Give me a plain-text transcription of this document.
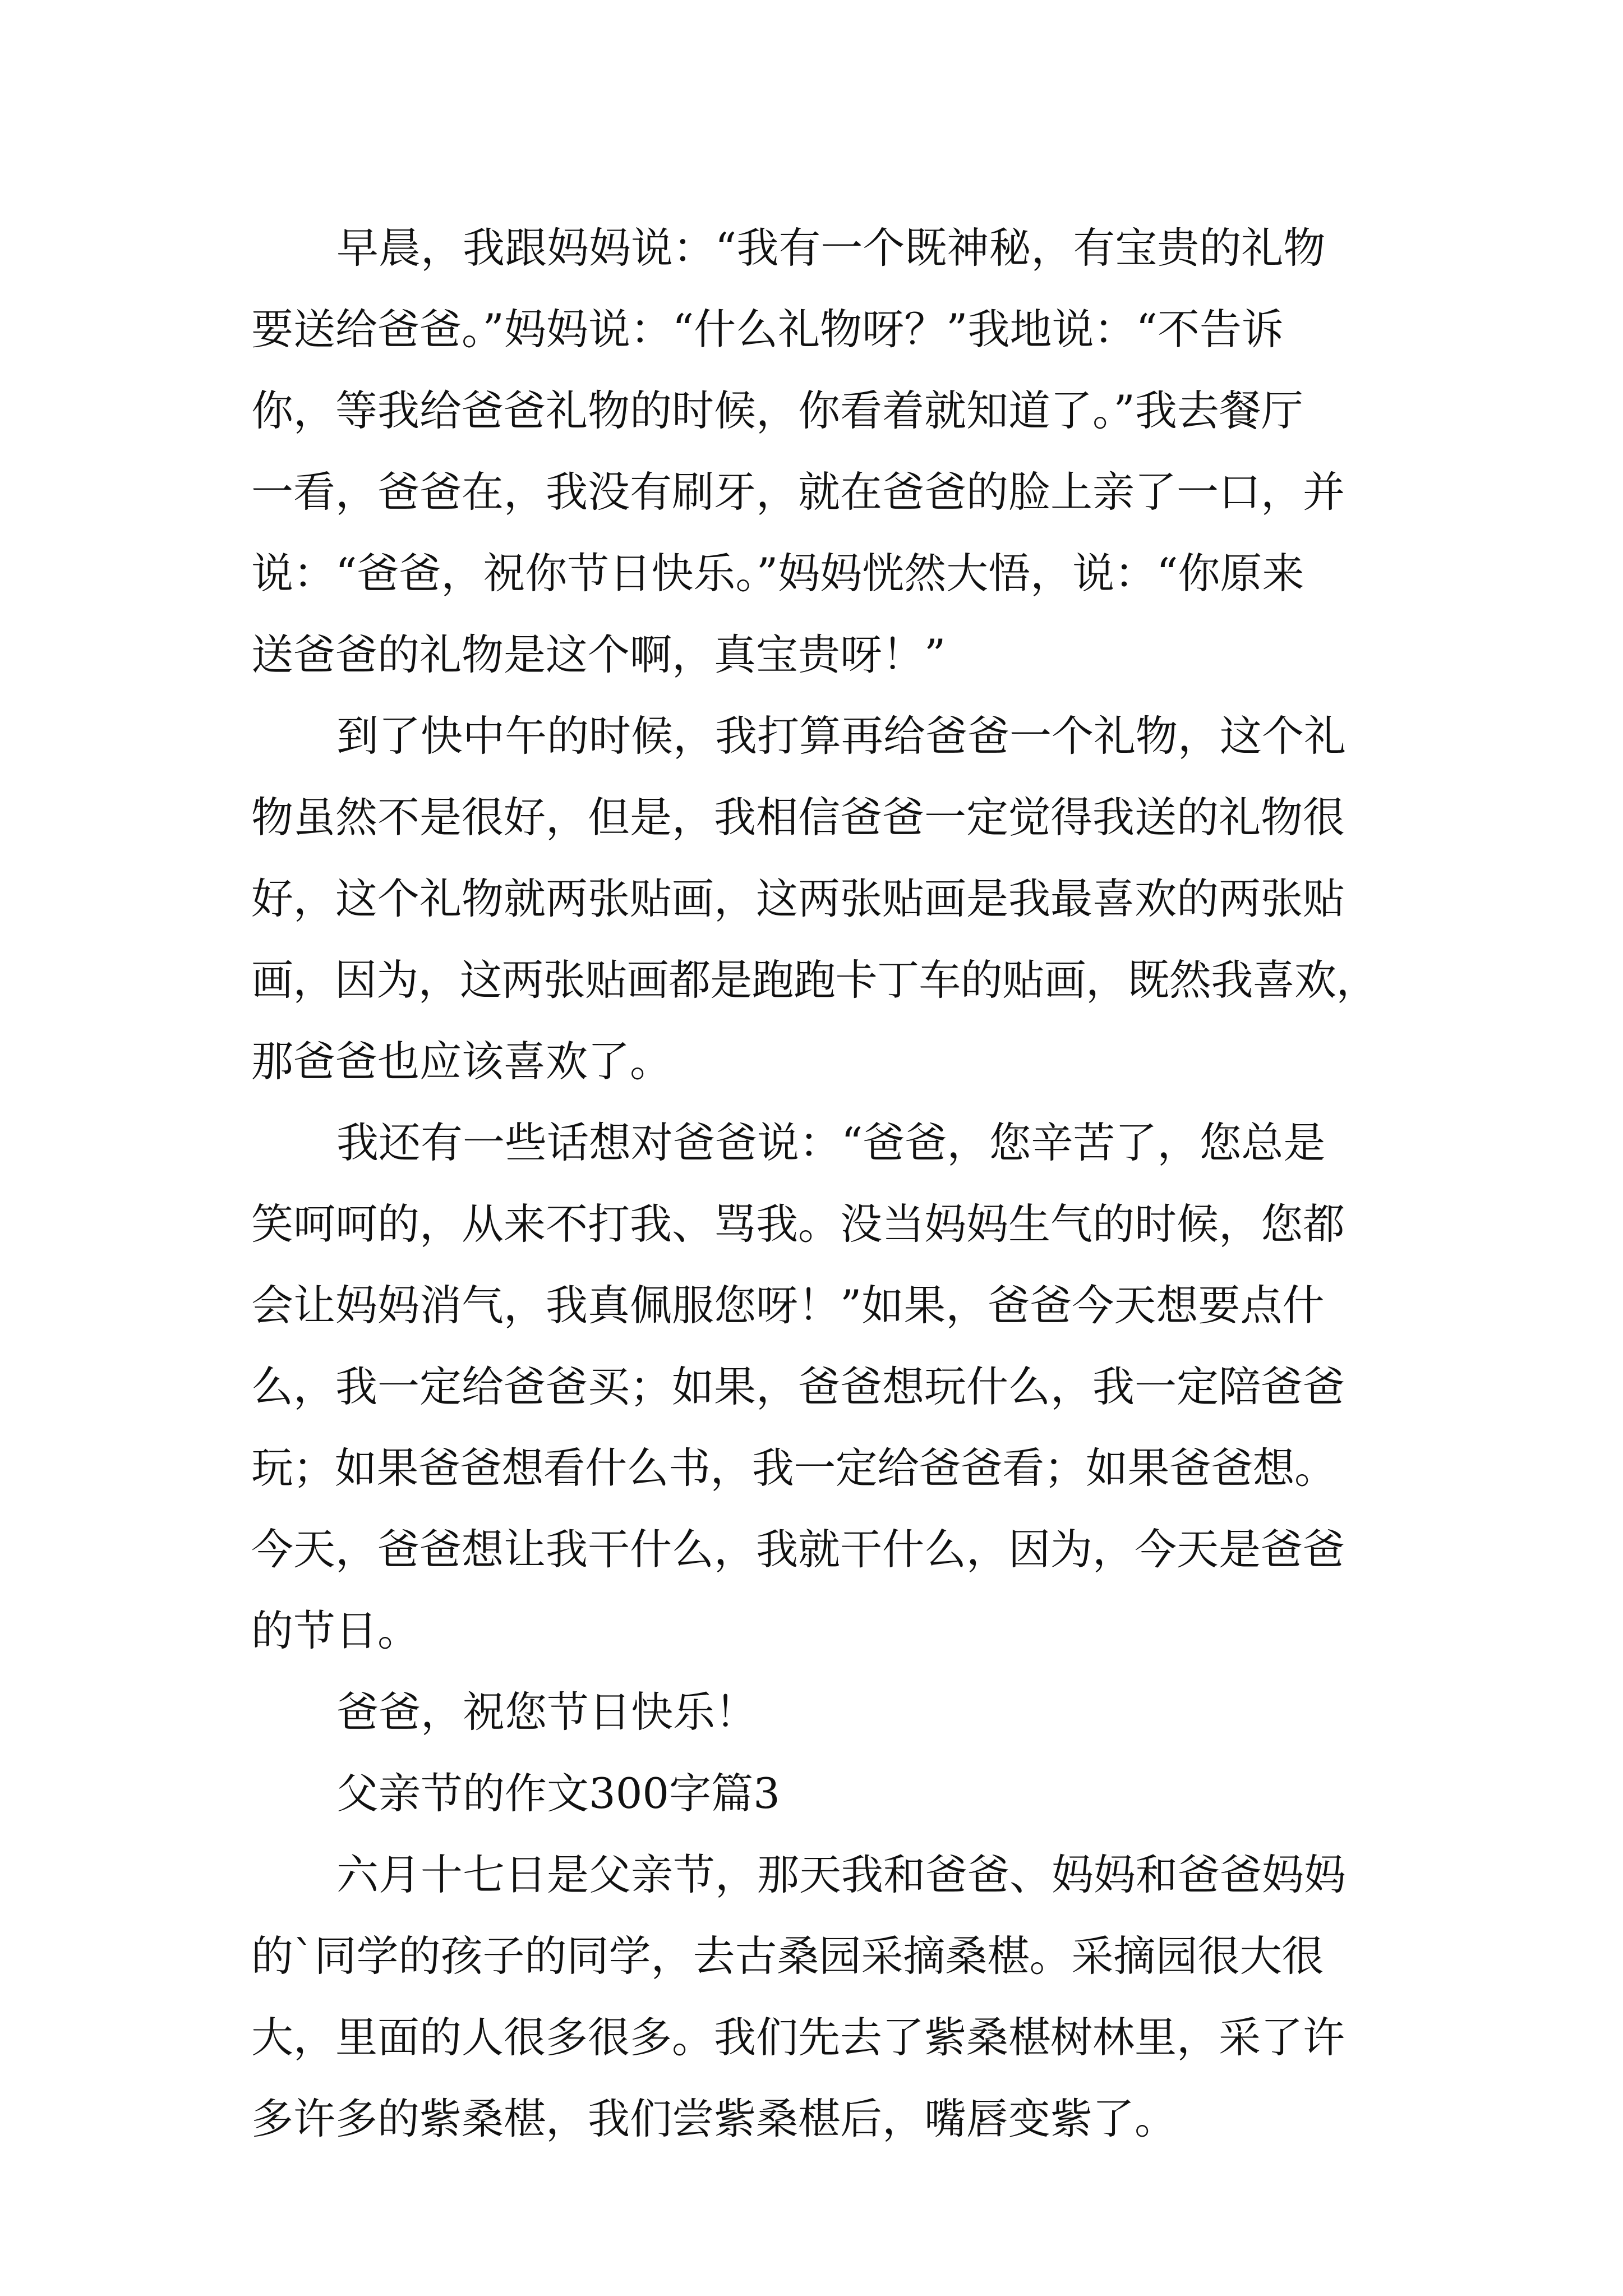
早晨，我跟妈妈说：“我有一个既神秘，有宝贵的礼物
要送给爸爸。”妈妈说：“什么礼物呀？”我地说：“不告诉
你，等我给爸爸礼物的时候，你看着就知道了。”我去餐厅
一看，爸爸在，我没有刷牙，就在爸爸的脸上亲了一口，并
说：“爸爸，祝你节日快乐。”妈妈恍然大悟，说：“你原来
送爸爸的礼物是这个啊，真宝贵呀！”
到了快中午的时候，我打算再给爸爸一个礼物，这个礼
物虽然不是很好，但是，我相信爸爸一定觉得我送的礼物很
好，这个礼物就两张贴画，这两张贴画是我最喜欢的两张贴
画，因为，这两张贴画都是跑跑卡丁车的贴画，既然我喜欢，
那爸爸也应该喜欢了。
我还有一些话想对爸爸说：“爸爸，您辛苦了，您总是
笑呵呵的，从来不打我、骂我。没当妈妈生气的时候，您都
会让妈妈消气，我真佩服您呀！”如果，爸爸今天想要点什
么，我一定给爸爸买；如果，爸爸想玩什么，我一定陪爸爸
玩；如果爸爸想看什么书，我一定给爸爸看；如果爸爸想。
今天，爸爸想让我干什么，我就干什么，因为，今天是爸爸
的节日。
爸爸，祝您节日快乐！
父亲节的作文300字篇3
六月十七日是父亲节，那天我和爸爸、妈妈和爸爸妈妈
的`同学的孩子的同学，去古桑园采摘桑椹。采摘园很大很
大，里面的人很多很多。我们先去了紫桑椹树林里，采了许
多许多的紫桑椹，我们尝紫桑椹后，嘴唇变紫了。
